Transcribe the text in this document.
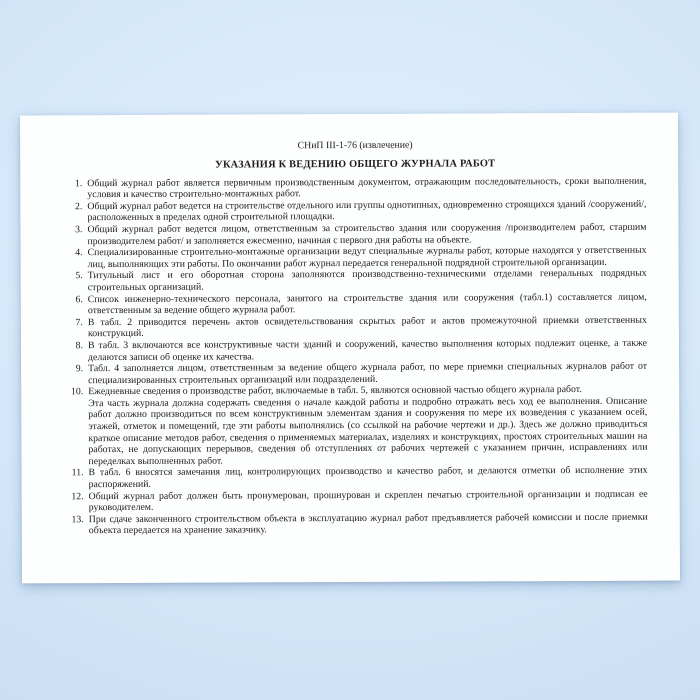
СНиП III-1-76 (извлечение)
УКАЗАНИЯ К ВЕДЕНИЮ ОБЩЕГО ЖУРНАЛА РАБОТ
1. Общий журнал работ является первичным производственным документом, отражающим последовательность, сроки выполнения, условия и качество строительно-монтажных работ.
2. Общий журнал работ ведется на строительстве отдельного или группы однотипных, одновременно строящихся зданий /сооружений/, расположенных в пределах одной строительной площадки.
3. Общий журнал работ ведется лицом, ответственным за строительство здания или сооружения /производителем работ, старшим производителем работ/ и заполняется ежесменно, начиная с первого дня работы на объекте.
4. Специализированные строительно-монтажные организации ведут специальные журналы работ, которые находятся у ответственных лиц, выполняющих эти работы. По окончании работ журнал передается генеральной подрядной строительной организации.
5. Титульный лист и его оборотная сторона заполняются производственно-техническими отделами генеральных подрядных строительных организаций.
6. Список инженерно-технического персонала, занятого на строительстве здания или сооружения (табл.1) составляется лицом, ответственным за ведение общего журнала работ.
7. В табл. 2 приводится перечень актов освидетельствования скрытых работ и актов промежуточной приемки ответственных конструкций.
8. В табл. 3 включаются все конструктивные части зданий и сооружений, качество выполнения которых подлежит оценке, а также делаются записи об оценке их качества.
9. Табл. 4 заполняется лицом, ответственным за ведение общего журнала работ, по мере приемки специальных журналов работ от специализированных строительных организаций или подразделений.
10. Ежедневные сведения о производстве работ, включаемые в табл. 5, являются основной частью общего журнала работ.
Эта часть журнала должна содержать сведения о начале каждой работы и подробно отражать весь ход ее выполнения. Описание работ должно производиться по всем конструктивным элементам здания и сооружения по мере их возведения с указанием осей, этажей, отметок и помещений, где эти работы выполнялись (со ссылкой на рабочие чертежи и др.). Здесь же должно приводиться краткое описание методов работ, сведения о применяемых материалах, изделиях и конструкциях, простоях строительных машин на работах, не допускающих перерывов, сведения об отступлениях от рабочих чертежей с указанием причин, исправлениях или переделках выполненных работ.
11. В табл. 6 вносятся замечания лиц, контролирующих производство и качество работ, и делаются отметки об исполнение этих распоряжений.
12. Общий журнал работ должен быть пронумерован, прошнурован и скреплен печатью строительной организации и подписан ее руководителем.
13. При сдаче законченного строительством объекта в эксплуатацию журнал работ предъявляется рабочей комиссии и после приемки объекта передается на хранение заказчику.
